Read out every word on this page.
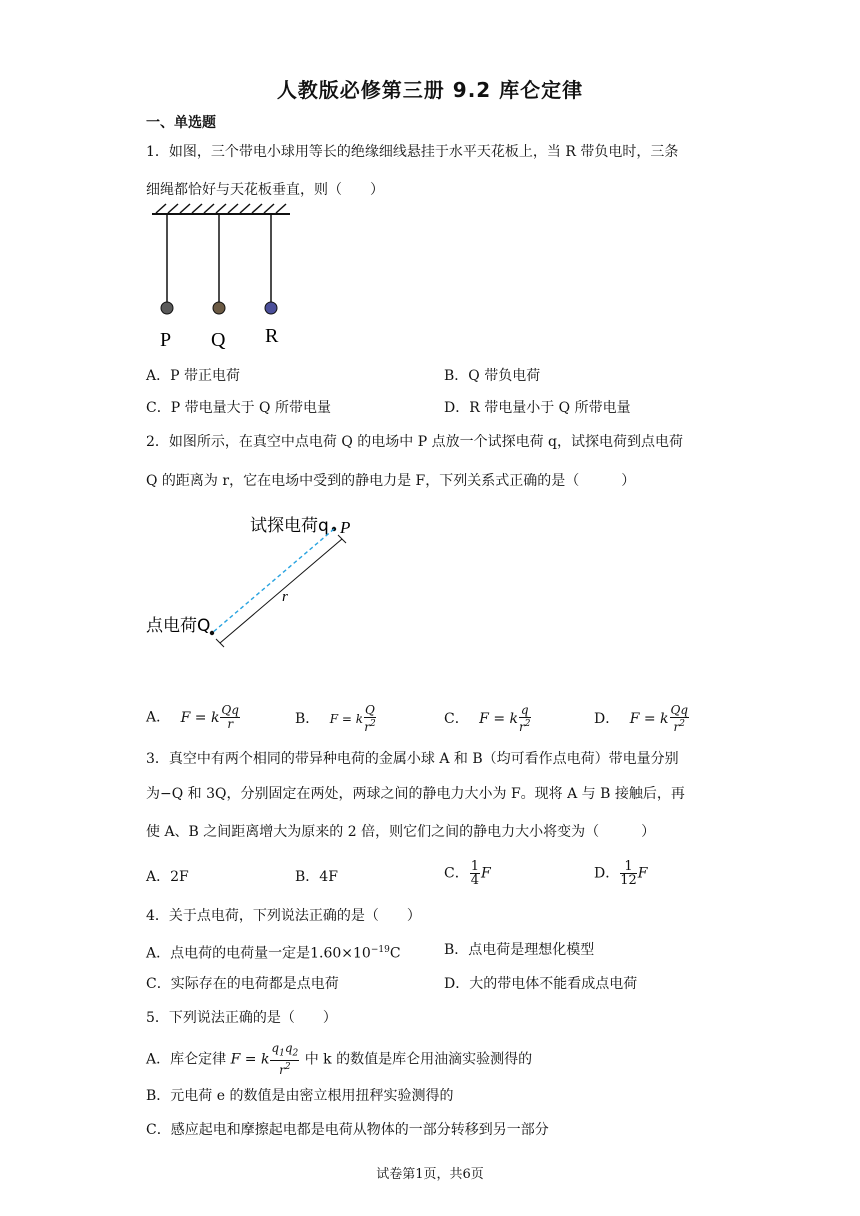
人教版必修第三册 9.2 库仑定律
一、单选题
1．如图，三个带电小球用等长的绝缘细线悬挂于水平天花板上，当 R 带负电时，三条
细绳都恰好与天花板垂直，则（　　）
P Q R
A．P 带正电荷	B．Q 带负电荷
C．P 带电量大于 Q 所带电量	D．R 带电量小于 Q 所带电量
2．如图所示，在真空中点电荷 Q 的电场中 P 点放一个试探电荷 q，试探电荷到点电荷
Q 的距离为 r，它在电场中受到的静电力是 F，下列关系式正确的是（　　　）
试探电荷q P
r
点电荷Q
A． F = k $\frac{Qq}{r}$	B． F = k $\frac{Q}{r^2}$	C． F = k $\frac{q}{r^2}$	D． F = k $\frac{Qq}{r^2}$
3．真空中有两个相同的带异种电荷的金属小球 A 和 B（均可看作点电荷）带电量分别
为−Q 和 3Q，分别固定在两处，两球之间的静电力大小为 F。现将 A 与 B 接触后，再
使 A、B 之间距离增大为原来的 2 倍，则它们之间的静电力大小将变为（　　　）
A．2F	B．4F	C． $\frac{1}{4}$ F	D． $\frac{1}{12}$ F
4．关于点电荷，下列说法正确的是（　　）
A．点电荷的电荷量一定是$1.60\times 10^{-19}C$	B．点电荷是理想化模型
C．实际存在的电荷都是点电荷	D．大的带电体不能看成点电荷
5．下列说法正确的是（　　）
A．库仑定律 F = k $\frac{q_1q_2}{r^2}$ 中 k 的数值是库仑用油滴实验测得的
B．元电荷 e 的数值是由密立根用扭秤实验测得的
C．感应起电和摩擦起电都是电荷从物体的一部分转移到另一部分
试卷第1页，共6页
